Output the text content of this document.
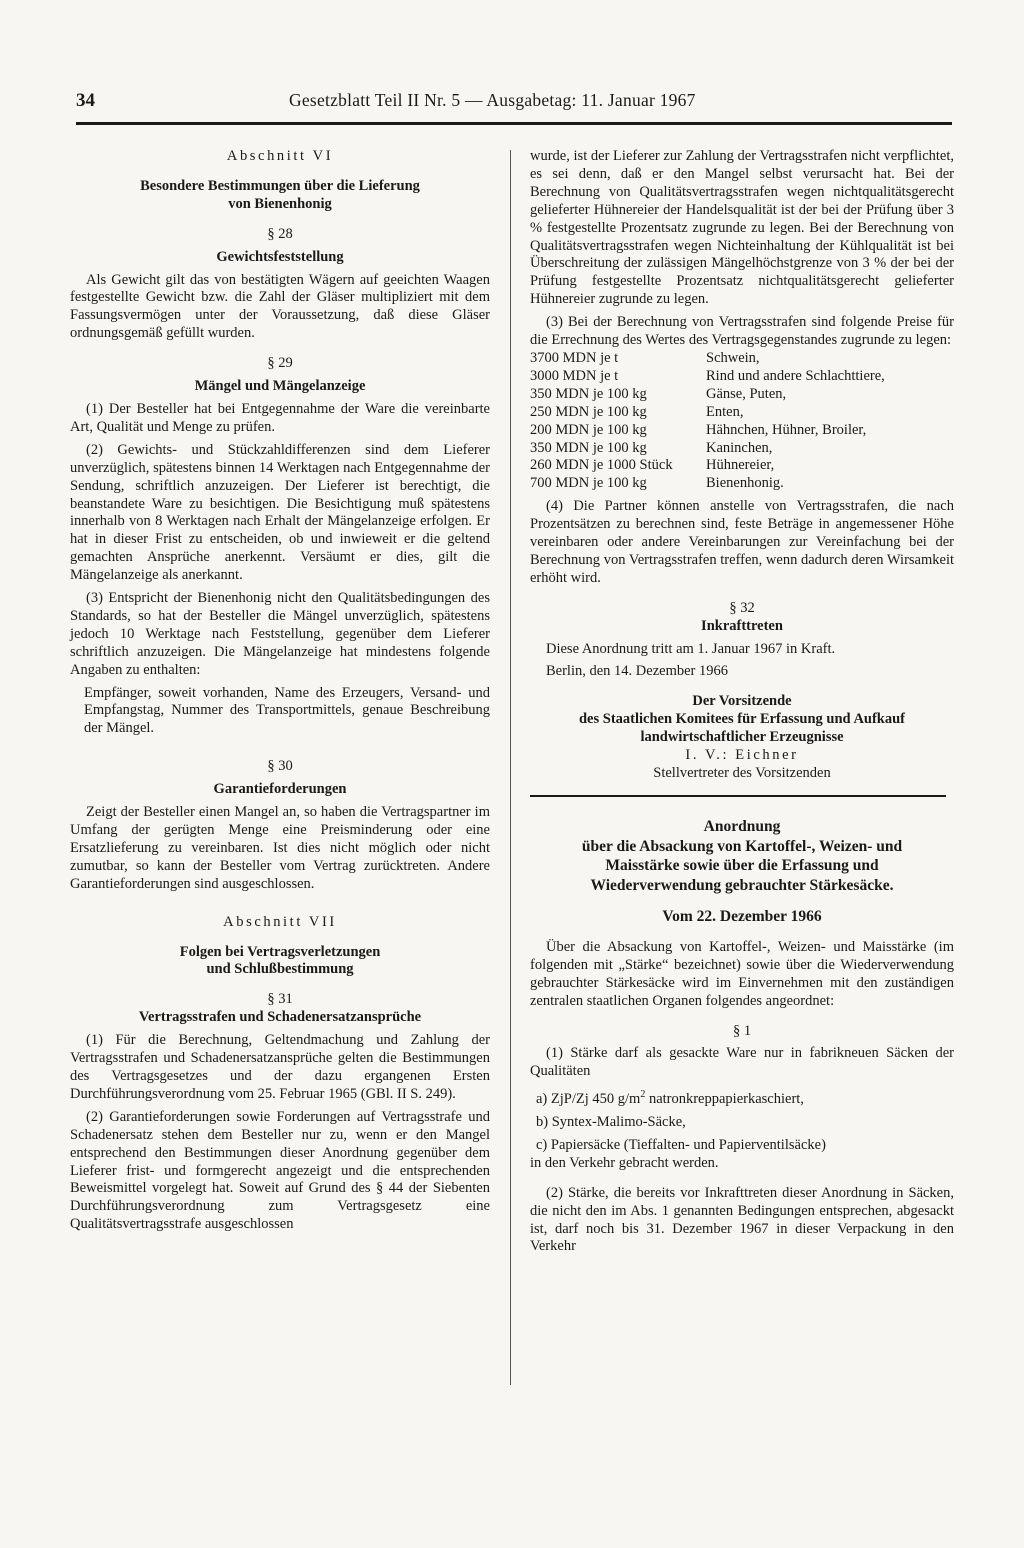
34	Gesetzblatt Teil II Nr. 5 — Ausgabetag: 11. Januar 1967

Abschnitt VI

Besondere Bestimmungen über die Lieferung

von Bienenhonig

§ 28

Gewichtsfeststellung

Als Gewicht gilt das von bestätigten Wägern auf geeichten Waagen festgestellte Gewicht bzw. die Zahl der Gläser multipliziert mit dem Fassungsvermögen unter der Voraussetzung, daß diese Gläser ordnungsgemäß gefüllt wurden.

§ 29

Mängel und Mängelanzeige

(1) Der Besteller hat bei Entgegennahme der Ware die vereinbarte Art, Qualität und Menge zu prüfen.

(2) Gewichts- und Stückzahldifferenzen sind dem Lieferer unverzüglich, spätestens binnen 14 Werktagen nach Entgegennahme der Sendung, schriftlich anzuzeigen. Der Lieferer ist berechtigt, die beanstandete Ware zu besichtigen. Die Besichtigung muß spätestens innerhalb von 8 Werktagen nach Erhalt der Mängelanzeige erfolgen. Er hat in dieser Frist zu entscheiden, ob und inwieweit er die geltend gemachten Ansprüche anerkennt. Versäumt er dies, gilt die Mängelanzeige als anerkannt.

(3) Entspricht der Bienenhonig nicht den Qualitätsbedingungen des Standards, so hat der Besteller die Mängel unverzüglich, spätestens jedoch 10 Werktage nach Feststellung, gegenüber dem Lieferer schriftlich anzuzeigen. Die Mängelanzeige hat mindestens folgende Angaben zu enthalten:

Empfänger, soweit vorhanden, Name des Erzeugers, Versand- und Empfangstag, Nummer des Transportmittels, genaue Beschreibung der Mängel.

§ 30

Garantieforderungen

Zeigt der Besteller einen Mangel an, so haben die Vertragspartner im Umfang der gerügten Menge eine Preisminderung oder eine Ersatzlieferung zu vereinbaren. Ist dies nicht möglich oder nicht zumutbar, so kann der Besteller vom Vertrag zurücktreten. Andere Garantieforderungen sind ausgeschlossen.

Abschnitt VII

Folgen bei Vertragsverletzungen

und Schlußbestimmung

§ 31

Vertragsstrafen und Schadenersatzansprüche

(1) Für die Berechnung, Geltendmachung und Zahlung der Vertragsstrafen und Schadenersatzansprüche gelten die Bestimmungen des Vertragsgesetzes und der dazu ergangenen Ersten Durchführungsverordnung vom 25. Februar 1965 (GBl. II S. 249).

(2) Garantieforderungen sowie Forderungen auf Vertragsstrafe und Schadenersatz stehen dem Besteller nur zu, wenn er den Mangel entsprechend den Bestimmungen dieser Anordnung gegenüber dem Lieferer frist- und formgerecht angezeigt und die entsprechenden Beweismittel vorgelegt hat. Soweit auf Grund des § 44 der Siebenten Durchführungsverordnung zum Vertragsgesetz eine Qualitätsvertragsstrafe ausgeschlossen

wurde, ist der Lieferer zur Zahlung der Vertragsstrafen nicht verpflichtet, es sei denn, daß er den Mangel selbst verursacht hat. Bei der Berechnung von Qualitätsvertragsstrafen wegen nichtqualitätsgerecht gelieferter Hühnereier der Handelsqualität ist der bei der Prüfung über 3 % festgestellte Prozentsatz zugrunde zu legen. Bei der Berechnung von Qualitätsvertragsstrafen wegen Nichteinhaltung der Kühlqualität ist bei Überschreitung der zulässigen Mängelhöchstgrenze von 3 % der bei der Prüfung festgestellte Prozentsatz nichtqualitätsgerecht gelieferter Hühnereier zugrunde zu legen.

(3) Bei der Berechnung von Vertragsstrafen sind folgende Preise für die Errechnung des Wertes des Vertragsgegenstandes zugrunde zu legen:

3700 MDN je t	Schwein,
3000 MDN je t	Rind und andere Schlachttiere,
350 MDN je 100 kg	Gänse, Puten,
250 MDN je 100 kg	Enten,
200 MDN je 100 kg	Hähnchen, Hühner, Broiler,
350 MDN je 100 kg	Kaninchen,
260 MDN je 1000 Stück	Hühnereier,
700 MDN je 100 kg	Bienenhonig.

(4) Die Partner können anstelle von Vertragsstrafen, die nach Prozentsätzen zu berechnen sind, feste Beträge in angemessener Höhe vereinbaren oder andere Vereinbarungen zur Vereinfachung bei der Berechnung von Vertragsstrafen treffen, wenn dadurch deren Wirsamkeit erhöht wird.

§ 32

Inkrafttreten

Diese Anordnung tritt am 1. Januar 1967 in Kraft.

Berlin, den 14. Dezember 1966

Der Vorsitzende

des Staatlichen Komitees für Erfassung und Aufkauf

landwirtschaftlicher Erzeugnisse

I. V.: Eichner

Stellvertreter des Vorsitzenden

Anordnung

über die Absackung von Kartoffel-, Weizen- und

Maisstärke sowie über die Erfassung und

Wiederverwendung gebrauchter Stärkesäcke.

Vom 22. Dezember 1966

Über die Absackung von Kartoffel-, Weizen- und Maisstärke (im folgenden mit „Stärke“ bezeichnet) sowie über die Wiederverwendung gebrauchter Stärkesäcke wird im Einvernehmen mit den zuständigen zentralen staatlichen Organen folgendes angeordnet:

§ 1

(1) Stärke darf als gesackte Ware nur in fabrikneuen Säcken der Qualitäten

a) ZjP/Zj 450 $g/m^2$ natronkreppapierkaschiert,

b) Syntex-Malimo-Säcke,

c) Papiersäcke (Tieffalten- und Papierventilsäcke)

in den Verkehr gebracht werden.

(2) Stärke, die bereits vor Inkrafttreten dieser Anordnung in Säcken, die nicht den im Abs. 1 genannten Bedingungen entsprechen, abgesackt ist, darf noch bis 31. Dezember 1967 in dieser Verpackung in den Verkehr
